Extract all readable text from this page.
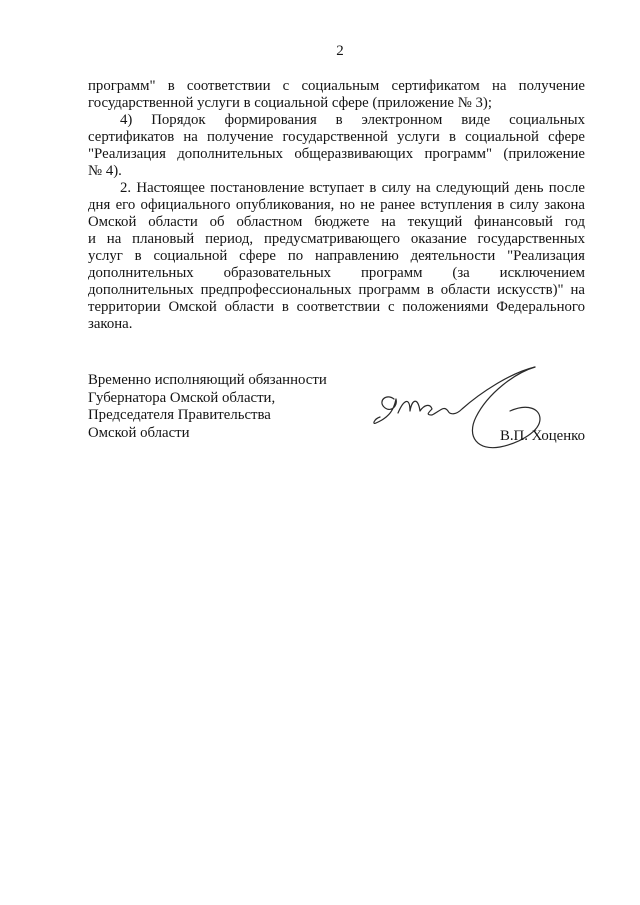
2
программ" в соответствии с социальным сертификатом на получение
государственной услуги в социальной сфере (приложение № 3);
4) Порядок формирования в электронном виде социальных
сертификатов на получение государственной услуги в социальной сфере
"Реализация дополнительных общеразвивающих программ" (приложение
№ 4).
2. Настоящее постановление вступает в силу на следующий день после
дня его официального опубликования, но не ранее вступления в силу закона
Омской области об областном бюджете на текущий финансовый год
и на плановый период, предусматривающего оказание государственных
услуг в социальной сфере по направлению деятельности "Реализация
дополнительных образовательных программ (за исключением
дополнительных предпрофессиональных программ в области искусств)" на
территории Омской области в соответствии с положениями Федерального
закона.
Временно исполняющий обязанности
Губернатора Омской области,
Председателя Правительства
Омской области	В.П. Хоценко
